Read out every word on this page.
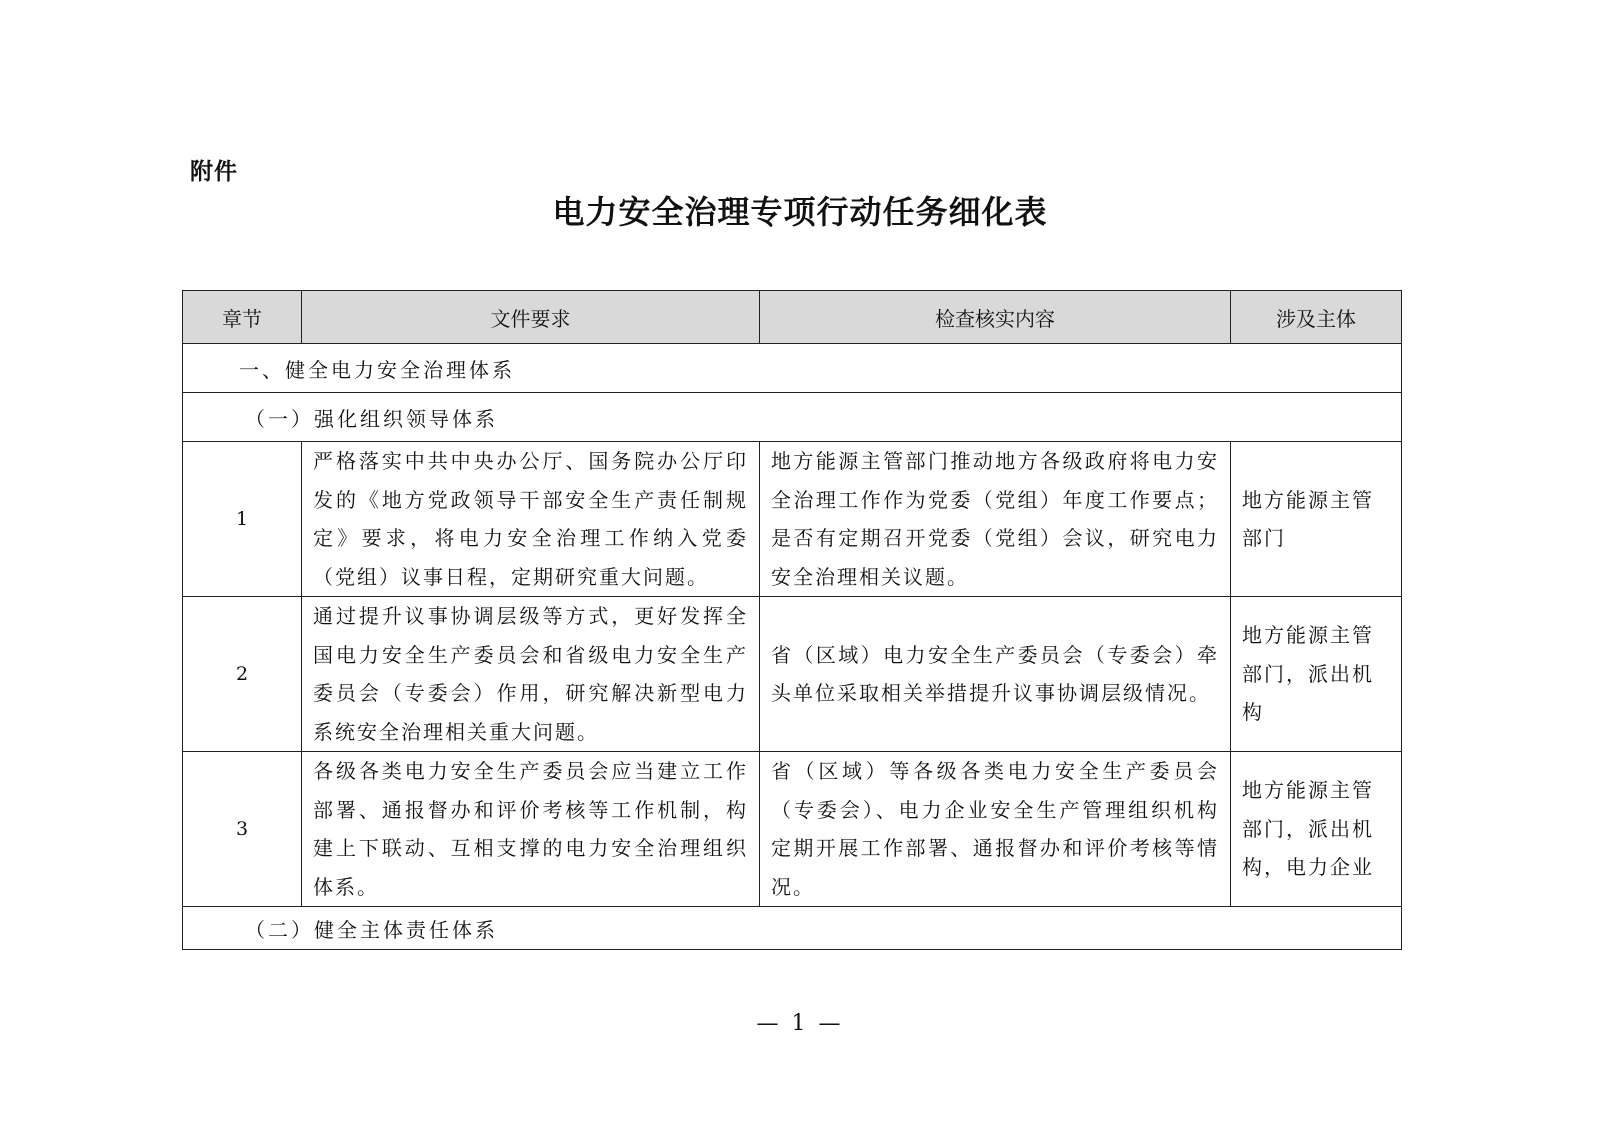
附件
电力安全治理专项行动任务细化表
章节	文件要求	检查核实内容	涉及主体
一、健全电力安全治理体系			
（一）强化组织领导体系			
1	严格落实中共中央办公厅、国务院办公厅印发的《地方党政领导干部安全生产责任制规定》要求，将电力安全治理工作纳入党委（党组）议事日程，定期研究重大问题。	地方能源主管部门推动地方各级政府将电力安全治理工作作为党委（党组）年度工作要点；是否有定期召开党委（党组）会议，研究电力安全治理相关议题。	地方能源主管部门
2	通过提升议事协调层级等方式，更好发挥全国电力安全生产委员会和省级电力安全生产委员会（专委会）作用，研究解决新型电力系统安全治理相关重大问题。	省（区域）电力安全生产委员会（专委会）牵头单位采取相关举措提升议事协调层级情况。	地方能源主管部门，派出机构
3	各级各类电力安全生产委员会应当建立工作部署、通报督办和评价考核等工作机制，构建上下联动、互相支撑的电力安全治理组织体系。	省（区域）等各级各类电力安全生产委员会（专委会）、电力企业安全生产管理组织机构定期开展工作部署、通报督办和评价考核等情况。	地方能源主管部门，派出机构，电力企业
（二）健全主体责任体系			
— 1 —
